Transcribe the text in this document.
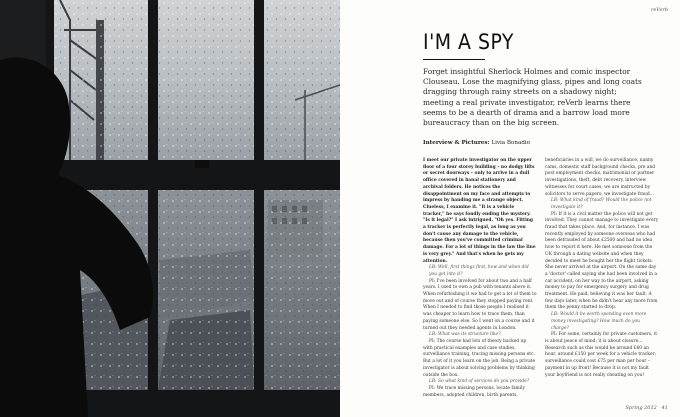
reVerb
I'M A SPY
Forget insightful Sherlock Holmes and comic inspector Clouseau. Lose the magnifying glass, pipes and long coats dragging through rainy streets on a shadowy night; meeting a real private investigator, reVerb learns there seems to be a dearth of drama and a barrow load more bureaucracy than on the big screen.
Interview & Pictures: Livia Bonadio

I meet our private investigator on the upper floor of a four storey building – no dodgy lifts or secret doorways – only to arrive in a dull office covered in banal stationery and archival folders. He notices the disappointment on my face and attempts to impress by handing me a strange object. Clueless, I examine it. "It is a vehicle tracker," he says fondly ending the mystery. "Is it legal?" I ask intrigued. "Oh yes. Fitting a tracker is perfectly legal, as long as you don't cause any damage to the vehicle, because then you've committed criminal damage. For a lot of things in the law the line is very grey." And that's when he gets my attention.

LB: Well, first things first, how and when did you get into it?

PI: I've been involved for about two and a half years. I used to own a pub with tenants above it. When refurbishing it we had to get a lot of them to move out and of course they stopped paying rent. When I needed to find those people I realised it was cheaper to learn how to trace them, than paying someone else. So I went on a course and it turned out they needed agents in London.

LB: What was its structure like?

PI: The course had lots of theory backed up with practical examples and case studies, surveillance training, tracing missing persons etc. But a lot of it you learn on the job. Being a private investigator is about solving problems by thinking outside the box.

LB: So what kind of services do you provide?

PI: We trace missing persons, locate family members, adopted children, birth parents,

beneficiaries in a will, we do surveillance, nanny cams, domestic staff background checks, pre and post employment checks, matrimonial or partner investigations, theft, debt recovery, interview witnesses for court cases; we are instructed by solicitors to serve papers; we investigate fraud…

LB: What kind of fraud? Would the police not investigate it?

PI: If it is a civil matter the police will not get involved. They cannot manage to investigate every fraud that takes place. And, for instance, I was recently employed by someone overseas who had been defrauded of about £2500 and had no idea how to report it here. He met someone from the UK through a dating website and when they decided to meet he bought her the flight tickets. She never arrived at the airport. On the same day a 'doctor' called saying she had been involved in a car accident, on her way to the airport, asking money to pay for emergency surgery and drug treatment. He paid, believing it was her fault. A few days later, when he didn't hear any more from them the penny started to drop.

LB: Would it be worth spending even more money investigating? How much do you charge?

PI: For some, certainly for private customers, it is about peace of mind; it is about closure… Research such as this would be around £60 an hour, around £150 per week for a vehicle tracker; surveillance could cost £75 per man per hour – payment in up front! Because it is not my fault your boyfriend is not really cheating on you!

Spring 2012 41
